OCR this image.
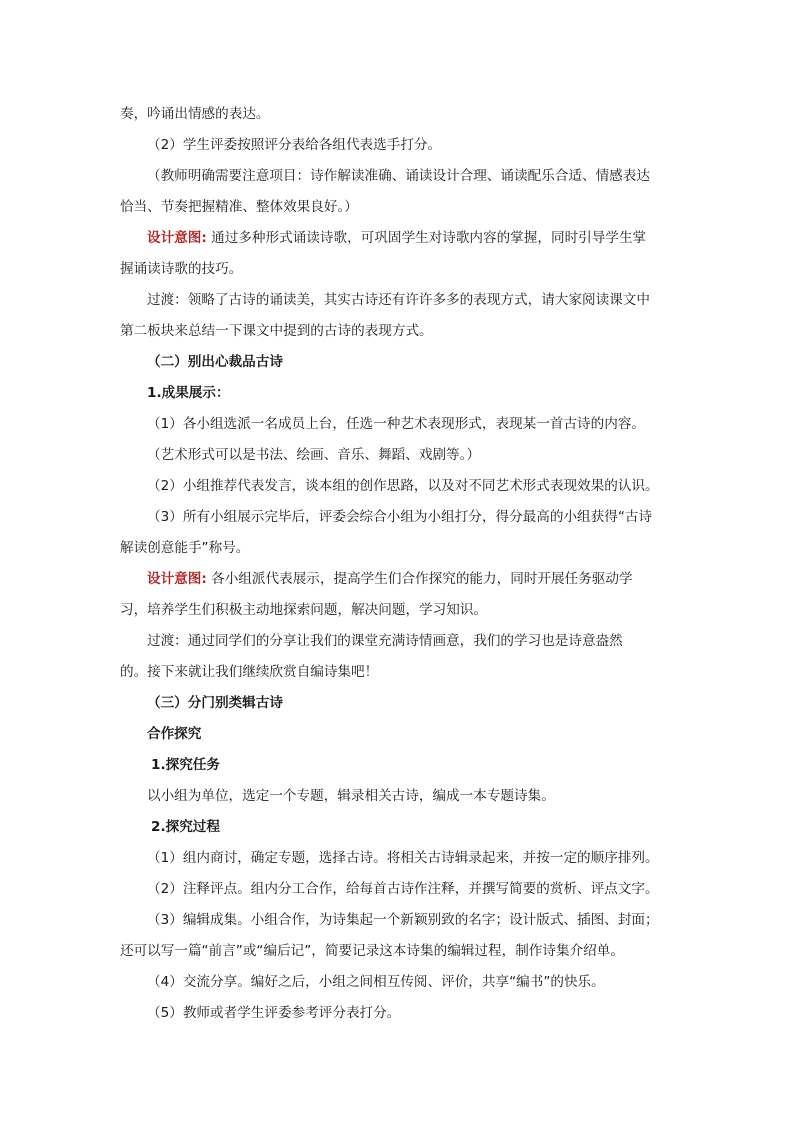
奏，吟诵出情感的表达。
（2）学生评委按照评分表给各组代表选手打分。
（教师明确需要注意项目：诗作解读准确、诵读设计合理、诵读配乐合适、情感表达
恰当、节奏把握精准、整体效果良好。）
设计意图: 通过多种形式诵读诗歌，可巩固学生对诗歌内容的掌握，同时引导学生掌
握诵读诗歌的技巧。
过渡：领略了古诗的诵读美，其实古诗还有许许多多的表现方式，请大家阅读课文中
第二板块来总结一下课文中提到的古诗的表现方式。
（二）别出心裁品古诗
1.成果展示：
（1）各小组选派一名成员上台，任选一种艺术表现形式，表现某一首古诗的内容。
（艺术形式可以是书法、绘画、音乐、舞蹈、戏剧等。）
（2）小组推荐代表发言，谈本组的创作思路，以及对不同艺术形式表现效果的认识。
（3）所有小组展示完毕后，评委会综合小组为小组打分，得分最高的小组获得“古诗
解读创意能手”称号。
设计意图: 各小组派代表展示，提高学生们合作探究的能力，同时开展任务驱动学
习，培养学生们积极主动地探索问题，解决问题，学习知识。
过渡：通过同学们的分享让我们的课堂充满诗情画意，我们的学习也是诗意盎然
的。接下来就让我们继续欣赏自编诗集吧！
（三）分门别类辑古诗
合作探究
1.探究任务
以小组为单位，选定一个专题，辑录相关古诗，编成一本专题诗集。
2.探究过程
（1）组内商讨，确定专题，选择古诗。将相关古诗辑录起来，并按一定的顺序排列。
（2）注释评点。组内分工合作，给每首古诗作注释，并撰写简要的赏析、评点文字。
（3）编辑成集。小组合作，为诗集起一个新颖别致的名字；设计版式、插图、封面；
还可以写一篇“前言”或“编后记”，简要记录这本诗集的编辑过程，制作诗集介绍单。
（4）交流分享。编好之后，小组之间相互传阅、评价，共享“编书”的快乐。
（5）教师或者学生评委参考评分表打分。
